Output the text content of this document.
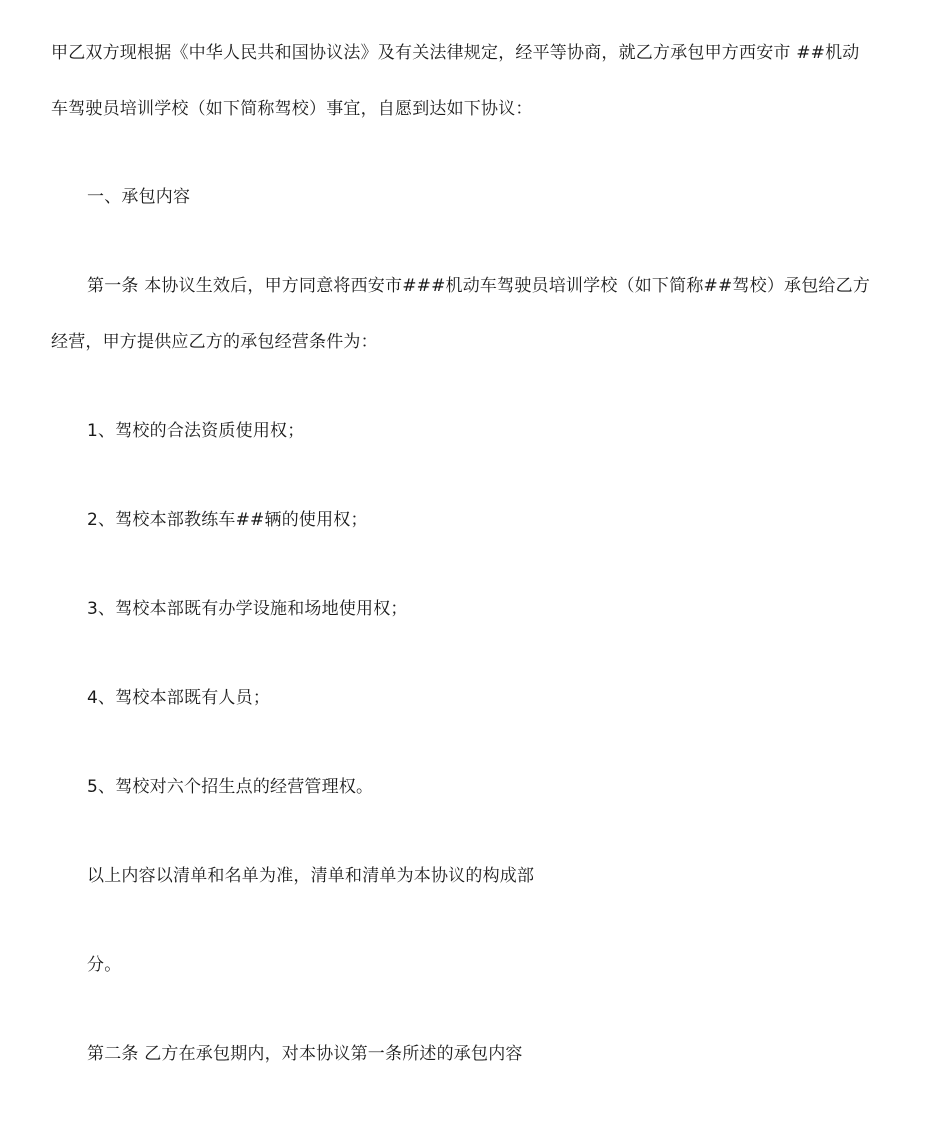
甲乙双方现根据《中华人民共和国协议法》及有关法律规定，经平等协商，就乙方承包甲方西安市 ##机动
车驾驶员培训学校（如下简称驾校）事宜，自愿到达如下协议：
一、承包内容
第一条 本协议生效后，甲方同意将西安市###机动车驾驶员培训学校（如下简称##驾校）承包给乙方
经营，甲方提供应乙方的承包经营条件为：
1、驾校的合法资质使用权；
2、驾校本部教练车##辆的使用权；
3、驾校本部既有办学设施和场地使用权；
4、驾校本部既有人员；
5、驾校对六个招生点的经营管理权。
以上内容以清单和名单为准，清单和清单为本协议的构成部
分。
第二条 乙方在承包期内，对本协议第一条所述的承包内容
